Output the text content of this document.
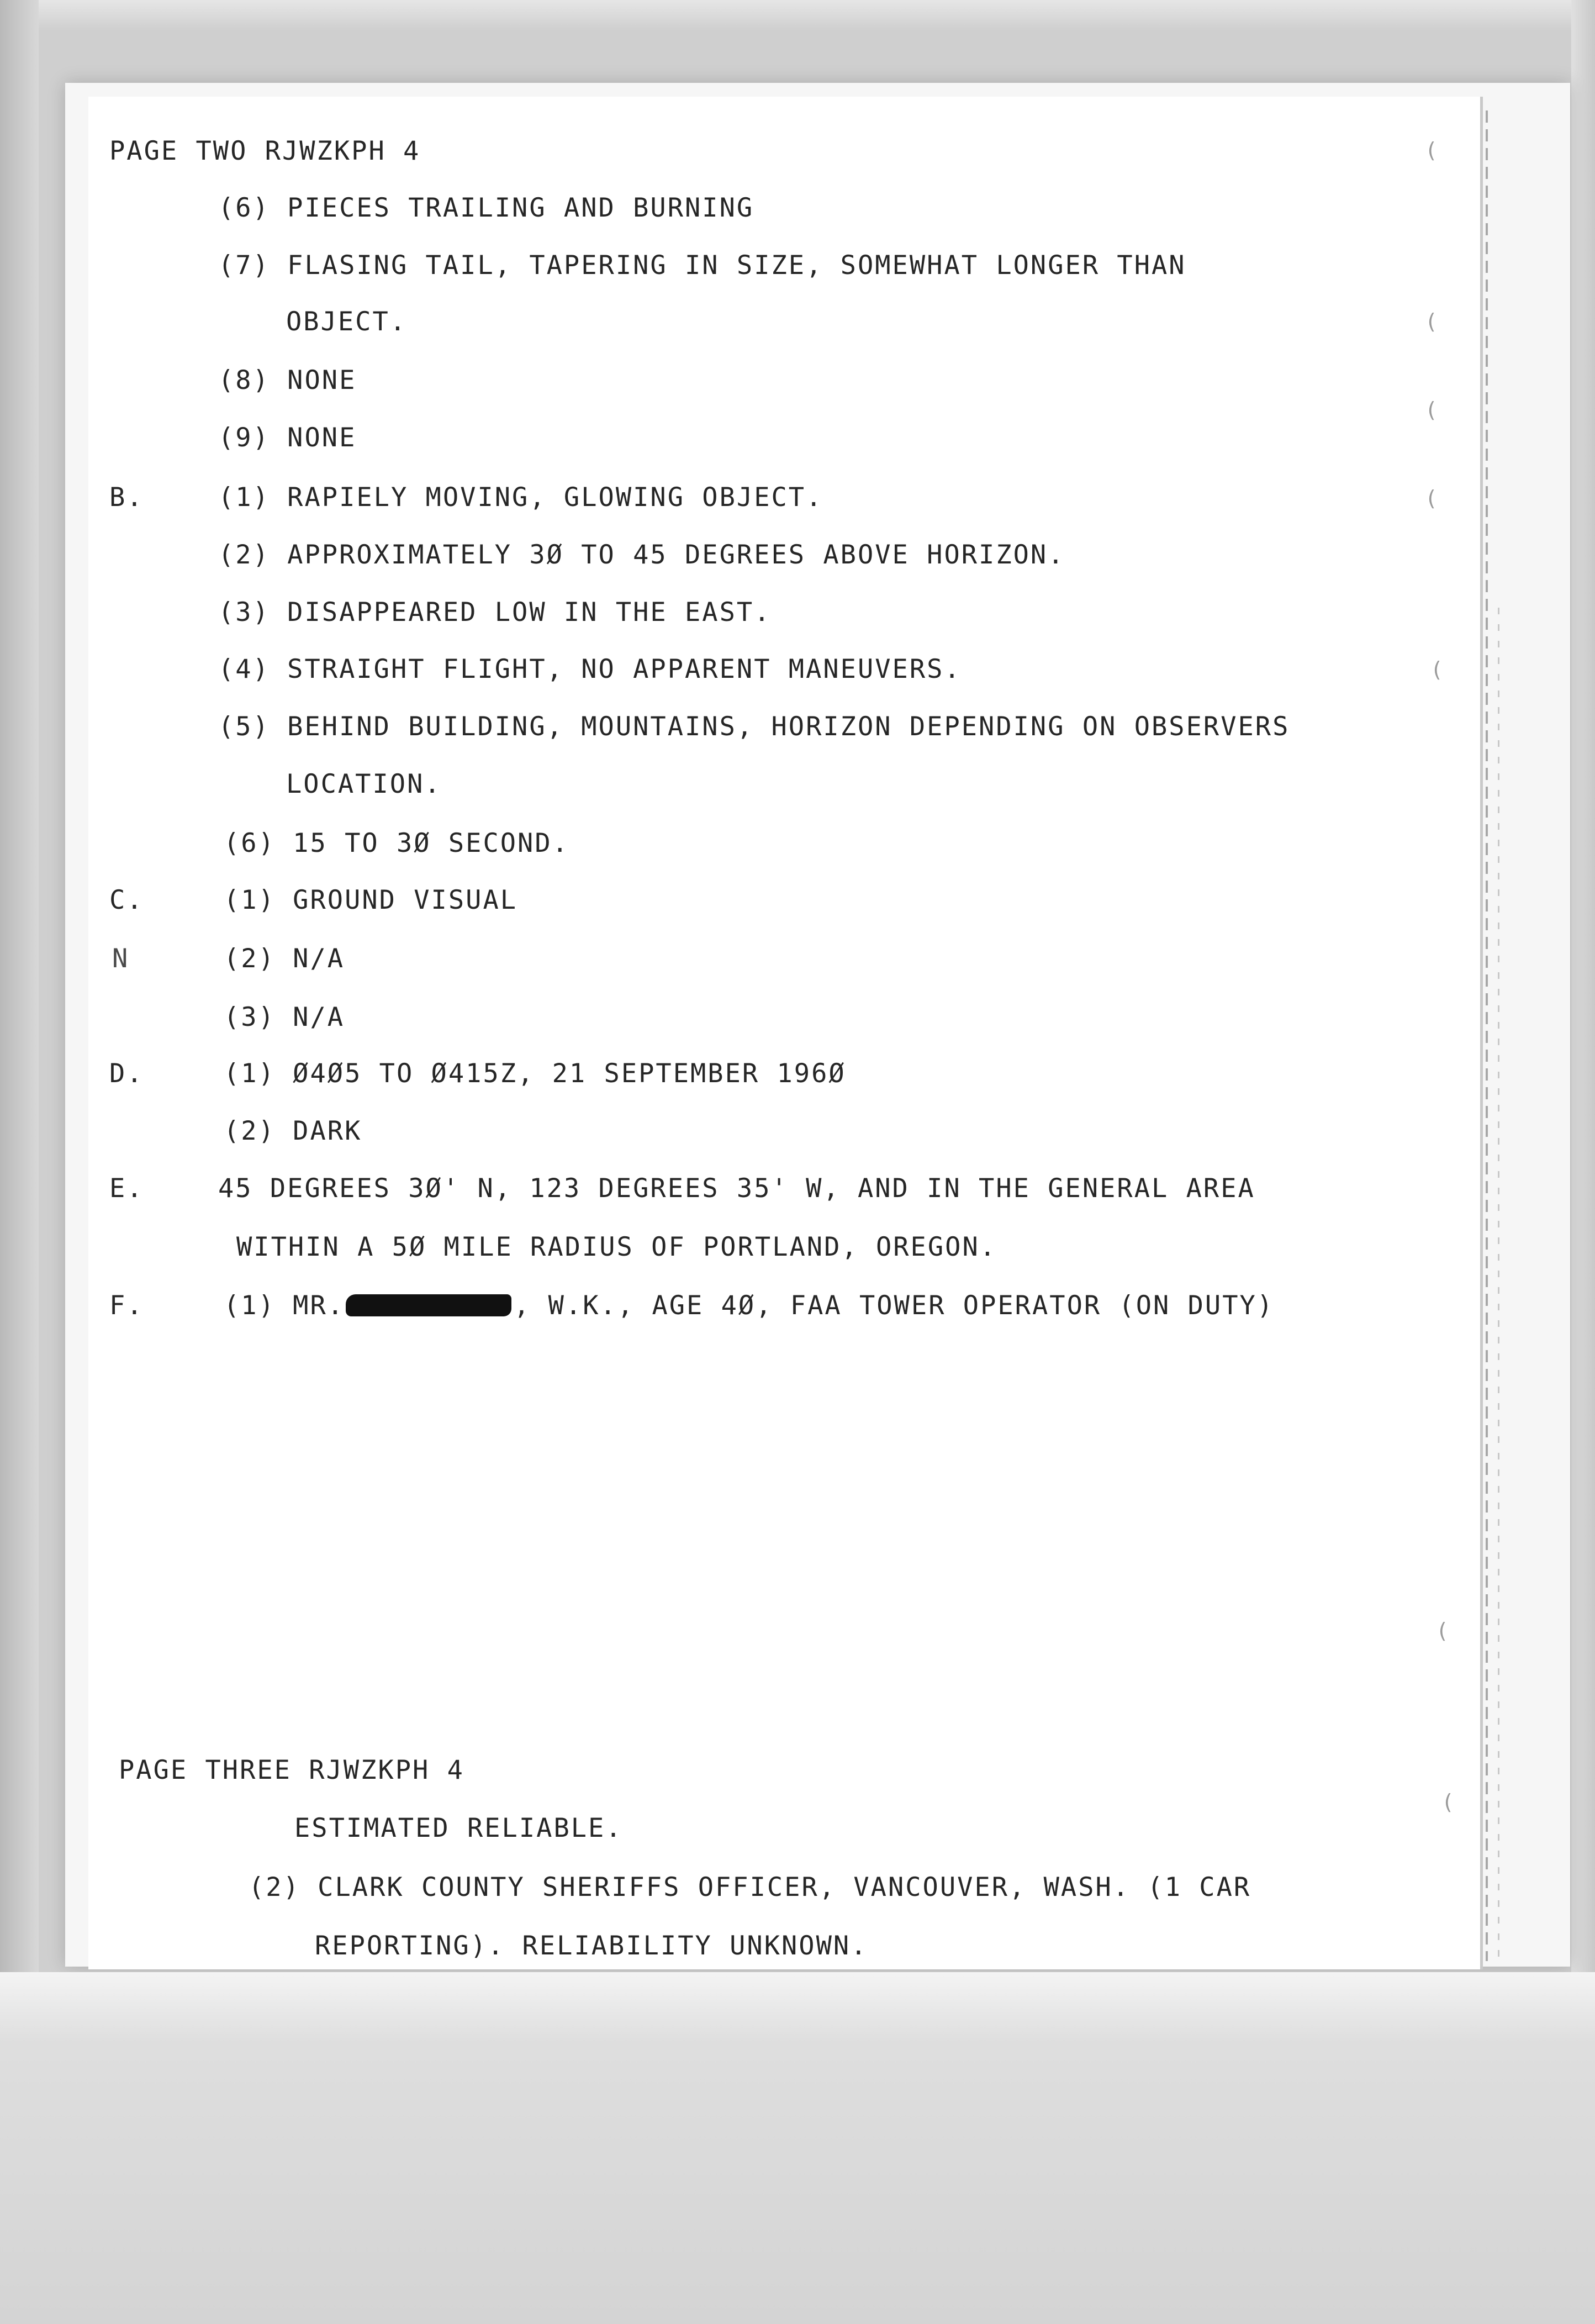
(
(
(
(
(
(
(
PAGE TWO RJWZKPH 4
(6) PIECES TRAILING AND BURNING
(7) FLASING TAIL, TAPERING IN SIZE, SOMEWHAT LONGER THAN
OBJECT.
(8) NONE
(9) NONE
B.	(1) RAPIELY MOVING, GLOWING OBJECT.
(2) APPROXIMATELY 3Ø TO 45 DEGREES ABOVE HORIZON.
(3) DISAPPEARED LOW IN THE EAST.
(4) STRAIGHT FLIGHT, NO APPARENT MANEUVERS.
(5) BEHIND BUILDING, MOUNTAINS, HORIZON DEPENDING ON OBSERVERS
LOCATION.
(6) 15 TO 3Ø SECOND.
C.	(1) GROUND VISUAL
N	(2) N/A
(3) N/A
D.	(1) Ø4Ø5 TO Ø415Z, 21 SEPTEMBER 196Ø
(2) DARK
E.	45 DEGREES 3Ø' N, 123 DEGREES 35' W, AND IN THE GENERAL AREA
WITHIN A 5Ø MILE RADIUS OF PORTLAND, OREGON.
F.	(1) MR.	, W.K., AGE 4Ø, FAA TOWER OPERATOR (ON DUTY)
PAGE THREE RJWZKPH 4
ESTIMATED RELIABLE.
(2) CLARK COUNTY SHERIFFS OFFICER, VANCOUVER, WASH. (1 CAR
REPORTING). RELIABILITY UNKNOWN.
